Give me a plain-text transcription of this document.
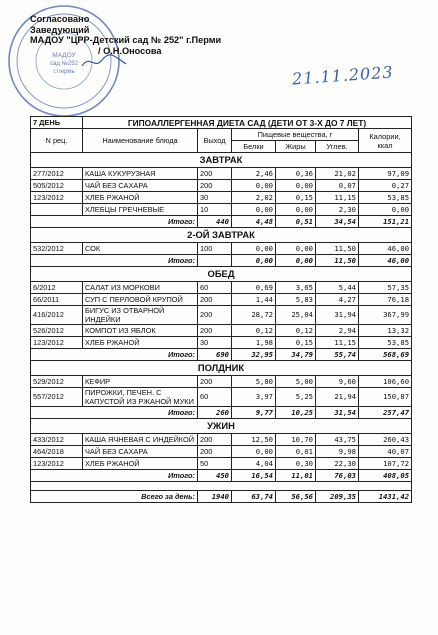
МАДОУ
сад №252
г.Пермь
Согласовано
Заведующий
МАДОУ "ЦРР-Детский сад № 252" г.Перми
/ О.Н.Оносова
21.11.2023
7 ДЕНЬ	ГИПОАЛЛЕРГЕННАЯ ДИЕТА САД (ДЕТИ ОТ 3-Х ДО 7 ЛЕТ)					
N рец.	Наименование блюда	Выход	Пищевые вещества, г			Калории, ккал
			Белки	Жиры	Углев.	
ЗАВТРАК						
277/2012	КАША КУКУРУЗНАЯ	200	2,46	0,36	21,02	97,09
505/2012	ЧАЙ БЕЗ САХАРА	200	0,00	0,00	0,07	0,27
123/2012	ХЛЕБ РЖАНОЙ	30	2,02	0,15	11,15	53,85
	ХЛЕБЦЫ ГРЕЧНЕВЫЕ	10	0,00	0,00	2,30	0,00
Итого:		440	4,48	0,51	34,54	151,21
2-ОЙ ЗАВТРАК						
532/2012	СОК	100	0,00	0,00	11,50	46,00
Итого:			0,00	0,00	11,50	46,00
ОБЕД						
6/2012	САЛАТ ИЗ МОРКОВИ	60	0,69	3,65	5,44	57,35
66/2011	СУП С ПЕРЛОВОЙ КРУПОЙ	200	1,44	5,83	4,27	76,18
416/2012	БИГУС ИЗ ОТВАРНОЙ ИНДЕЙКИ	200	28,72	25,04	31,94	367,99
526/2012	КОМПОТ ИЗ ЯБЛОК	200	0,12	0,12	2,94	13,32
123/2012	ХЛЕБ РЖАНОЙ	30	1,98	0,15	11,15	53,85
Итого:		690	32,95	34,79	55,74	568,69
ПОЛДНИК						
529/2012	КЕФИР	200	5,80	5,00	9,60	106,60
557/2012	ПИРОЖКИ, ПЕЧЕН. С КАПУСТОЙ ИЗ РЖАНОЙ МУКИ	60	3,97	5,25	21,94	150,87
Итого:		260	9,77	10,25	31,54	257,47
УЖИН						
433/2012	КАША ЯЧНЕВАЯ С ИНДЕЙКОЙ	200	12,50	10,70	43,75	260,43
464/2018	ЧАЙ БЕЗ САХАРА	200	0,00	0,01	9,98	40,07
123/2012	ХЛЕБ РЖАНОЙ	50	4,04	0,30	22,30	107,72
Итого:		450	16,54	11,01	76,03	408,05

Всего за день:		1940	63,74	56,56	209,35	1431,42
